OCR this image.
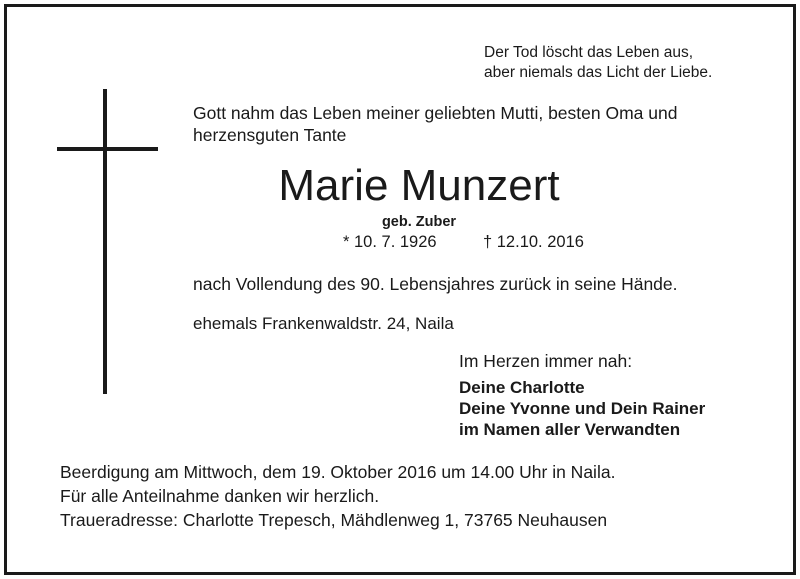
Der Tod löscht das Leben aus,
aber niemals das Licht der Liebe.
Gott nahm das Leben meiner geliebten Mutti, besten Oma und
herzensguten Tante
Marie Munzert
geb. Zuber
* 10. 7. 1926	† 12.10. 2016
nach Vollendung des 90. Lebensjahres zurück in seine Hände.
ehemals Frankenwaldstr. 24, Naila
Im Herzen immer nah:
Deine Charlotte
Deine Yvonne und Dein Rainer
im Namen aller Verwandten
Beerdigung am Mittwoch, dem 19. Oktober 2016 um 14.00 Uhr in Naila.
Für alle Anteilnahme danken wir herzlich.
Traueradresse: Charlotte Trepesch, Mähdlenweg 1, 73765 Neuhausen
